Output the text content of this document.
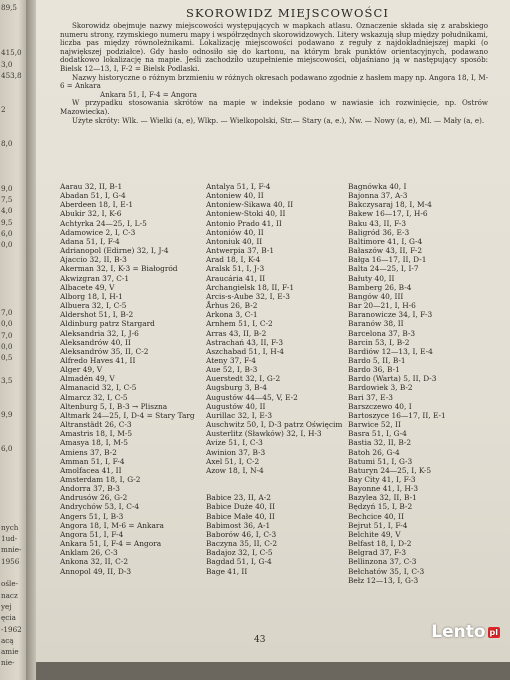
89,5
415,0
3,0
453,8
2
8,0
9,0
7,5
4,0
9,5
6,0
0,0
7,0
0,0
7,0
0,0
0,5
3,5
9,9
6,0
nych
1ud-
mnie-
1956
ośle-
nacz
yej
ęcia
-1962
acą
amie
nie-
SKOROWIDZ MIEJSCOWOŚCI

Skorowidz obejmuje nazwy miejscowości występujących w mapkach atlasu. Oznaczenie składa się z arabskiego numeru strony, rzymskiego numeru mapy i współrzędnych skorowidzowych. Litery wskazują słup między południkami, liczba pas między równoleżnikami. Lokalizację miejscowości podawano z reguły z najdokładniejszej mapki (o największej podziałce). Gdy hasło odnosiło się do kartonu, na którym brak punktów orientacyjnych, podawano dodatkowo lokalizację na mapie. Jeśli zachodziło uzupełnienie miejscowości, objaśniano ją w następujący sposób: Bielsk 12—13, I, F-2 = Bielsk Podlaski.

Nazwy historyczne o różnym brzmieniu w różnych okresach podawano zgodnie z hasłem mapy np. Angora 18, I, M-6 = Ankara

Ankara 51, I, F-4 = Angora

W przypadku stosowania skrótów na mapie w indeksie podano w nawiasie ich rozwinięcie, np. Ostrów Mazowiecka).

Użyte skróty: Wlk. — Wielki (a, e), Wlkp. — Wielkopolski, Str.— Stary (a, e.), Nw. — Nowy (a, e), Ml. — Mały (a, e).

Aarau 32, II, B-1
Abadan 51, I, G-4
Aberdeen 18, I, E-1
Abukir 32, I, K-6
Achtyrka 24—25, I, L-5
Adamowice 2, I, C-3
Adana 51, I, F-4
Adrianopol (Edirne) 32, I, J-4
Ajaccio 32, II, B-3
Akerman 32, I, K-3 = Białogród
Akwizgran 37, C-1
Albacete 49, V
Alborg 18, I, H-1
Albuera 32, I, C-5
Aldershot 51, I, B-2
Aldinburg patrz Stargard
Aleksandria 32, I, J-6
Aleksandrów 40, II
Aleksandrów 35, II, C-2
Alfredo Haves 41, II
Alger 49, V
Almadén 49, V
Almanacid 32, I, C-5
Almarcz 32, I, C-5
Altenburg 5, I, B-3 → Pliszna
Altmark 24—25, I, D-4 = Stary Targ
Altranstädt 26, C-3
Amastris 18, I, M-5
Amasya 18, I, M-5
Amiens 37, B-2
Amman 51, I, F-4
Amolfacea 41, II
Amsterdam 18, I, G-2
Andorra 37, B-3
Andrusów 26, G-2
Andrychów 53, I, C-4
Angers 51, I, B-3
Angora 18, I, M-6 = Ankara
Angora 51, I, F-4
Ankara 51, I, F-4 = Angora
Anklam 26, C-3
Ankona 32, II, C-2
Annopol 49, II, D-3
Antalya 51, I, F-4
Antoniew 40, II
Antoniew-Sikawa 40, II
Antoniew-Stoki 40, II
Antonio Prado 41, II
Antoniów 40, II
Antoniuk 40, II
Antwerpia 37, B-1
Arad 18, I, K-4
Aralsk 51, I, J-3
Araucária 41, II
Archangielsk 18, II, F-1
Arcis-s-Aube 32, I, E-3
Århus 26, B-2
Arkona 3, C-1
Arnhem 51, I, C-2
Arras 43, II, B-2
Astrachań 43, II, F-3
Aszchabad 51, I, H-4
Ateny 37, F-4
Aue 52, I, B-3
Auerstedt 32, I, G-2
Augsburg 3, B-4
Augustów 44—45, V, E-2
Augustów 40, II
Aurillac 32, I, E-3
Auschwitz 50, I, D-3 patrz Oświęcim
Austerlitz (Sławków) 32, I, H-3
Avize 51, I, C-3
Awinion 37, B-3
Axel 51, I, C-2
Azow 18, I, N-4

Babice 23, II, A-2
Babice Duże 40, II
Babice Małe 40, II
Babimost 36, A-1
Baborów 46, I, C-3
Baczyna 35, II, C-2
Badajoz 32, I, C-5
Bagdad 51, I, G-4
Bage 41, II
Bagnówka 40, I
Bajonna 37, A-3
Bakczysaraj 18, I, M-4
Bakew 16—17, I, H-6
Baku 43, II, F-3
Baligród 36, E-3
Baltimore 41, I, G-4
Bałaszów 43, II, F-2
Bałga 16—17, II, D-1
Balta 24—25, I, I-7
Bałuty 40, II
Bamberg 26, B-4
Bangów 40, III
Bar 20—21, I, H-6
Baranowicze 34, I, F-3
Baranów 38, II
Barcelona 37, B-3
Barcin 53, I, B-2
Bardiów 12—13, I, E-4
Bardo 5, II, B-1
Bardo 36, B-1
Bardo (Warta) 5, II, D-3
Bardowiek 3, B-2
Bari 37, E-3
Barszczewo 40, I
Bartoszyce 16—17, II, E-1
Barwice 52, II
Basra 51, I, G-4
Bastia 32, II, B-2
Batoh 26, G-4
Batumi 51, I, G-3
Baturyn 24—25, I, K-5
Bay City 41, I, F-3
Bayonne 41, I, H-3
Bazylea 32, II, B-1
Będzyń 15, I, B-2
Bechcice 40, II
Bejrut 51, I, F-4
Belchite 49, V
Belfast 18, I, D-2
Belgrad 37, F-3
Bellinzona 37, C-3
Bełchatów 35, I, C-3
Bełz 12—13, I, G-3
43	Lento pl
